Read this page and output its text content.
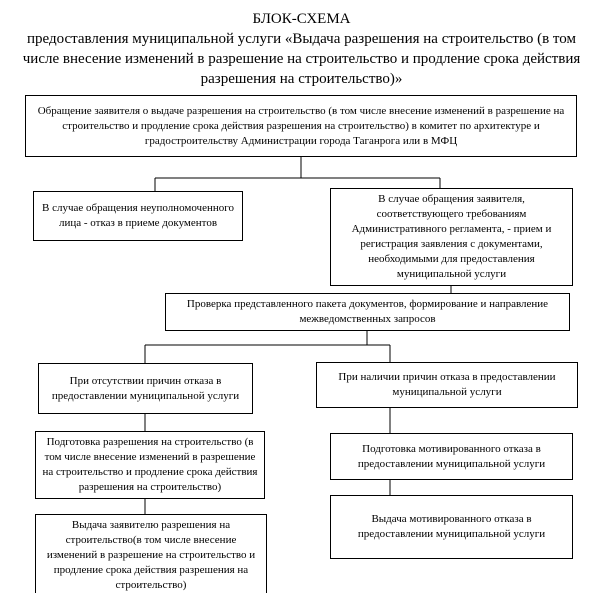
БЛОК-СХЕМА

предоставления муниципальной услуги «Выдача разрешения на строительство (в том числе внесение изменений в разрешение на строительство и продление срока действия разрешения на строительство)»

Обращение заявителя о выдаче разрешения на строительство (в том числе внесение изменений в разрешение на строительство и продление срока действия разрешения на строительство) в комитет по архитектуре и градостроительству Администрации города Таганрога или в МФЦ
В случае обращения неуполномоченного лица - отказ в приеме документов
В случае обращения заявителя, соответствующего требованиям Административного регламента, - прием и регистрация заявления с документами, необходимыми для предоставления муниципальной услуги
Проверка представленного пакета документов, формирование и направление межведомственных запросов
При отсутствии причин отказа в предоставлении муниципальной услуги
При наличии причин отказа в предоставлении муниципальной услуги
Подготовка разрешения на строительство (в том числе внесение изменений в разрешение на строительство и продление срока действия разрешения на строительство)
Подготовка мотивированного отказа в предоставлении муниципальной услуги
Выдача заявителю разрешения на строительство(в том числе внесение изменений в разрешение на строительство и продление срока действия разрешения на строительство)
Выдача мотивированного отказа в предоставлении муниципальной услуги
